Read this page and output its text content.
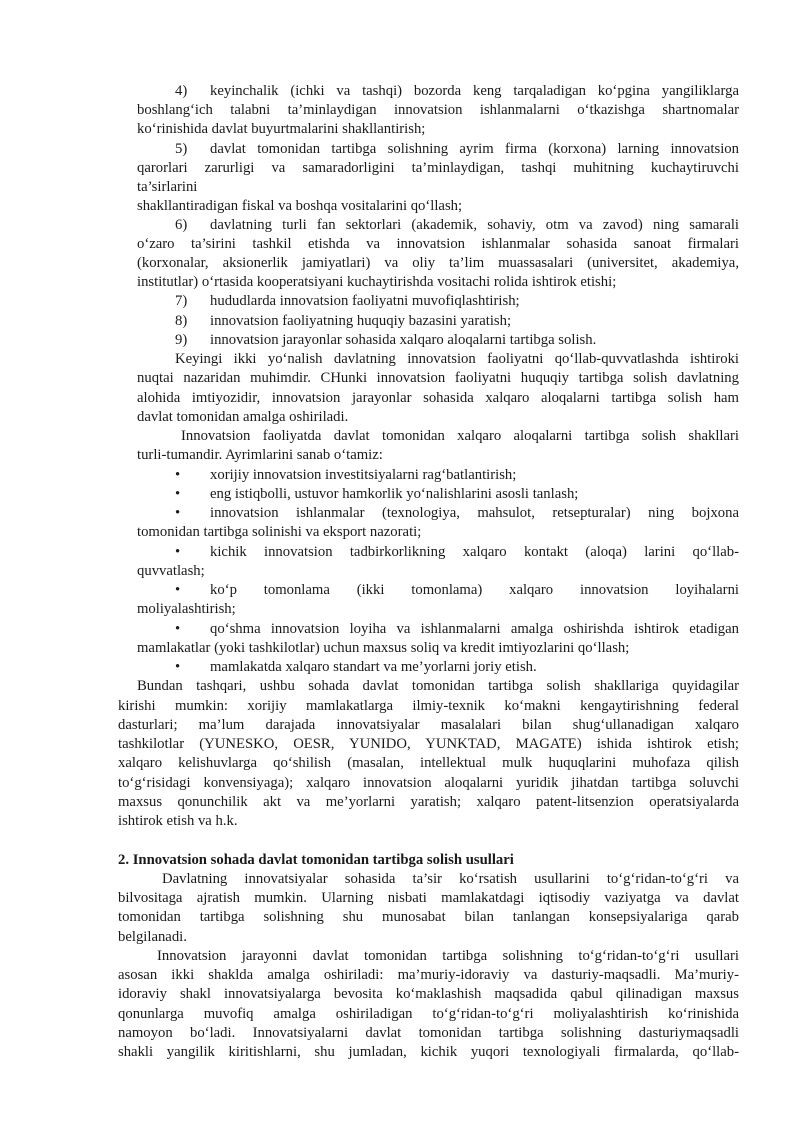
4) keyinchalik (ichki va tashqi) bozorda keng tarqaladigan ko‘pgina yangiliklarga
boshlang‘ich talabni ta’minlaydigan innovatsion ishlanmalarni o‘tkazishga shartnomalar
ko‘rinishida davlat buyurtmalarini shakllantirish;
5) davlat tomonidan tartibga solishning ayrim firma (korxona) larning innovatsion
qarorlari zarurligi va samaradorligini ta’minlaydigan, tashqi muhitning kuchaytiruvchi
ta’sirlarini
shakllantiradigan fiskal va boshqa vositalarini qo‘llash;
6) davlatning turli fan sektorlari (akademik, sohaviy, otm va zavod) ning samarali
o‘zaro ta’sirini tashkil etishda va innovatsion ishlanmalar sohasida sanoat firmalari
(korxonalar, aksionerlik jamiyatlari) va oliy ta’lim muassasalari (universitet, akademiya,
institutlar) o‘rtasida kooperatsiyani kuchaytirishda vositachi rolida ishtirok etishi;
7) hududlarda innovatsion faoliyatni muvofiqlashtirish;
8) innovatsion faoliyatning huquqiy bazasini yaratish;
9) innovatsion jarayonlar sohasida xalqaro aloqalarni tartibga solish.
Keyingi ikki yo‘nalish davlatning innovatsion faoliyatni qo‘llab-quvvatlashda ishtiroki
nuqtai nazaridan muhimdir. CHunki innovatsion faoliyatni huquqiy tartibga solish davlatning
alohida imtiyozidir, innovatsion jarayonlar sohasida xalqaro aloqalarni tartibga solish ham
davlat tomonidan amalga oshiriladi.
Innovatsion faoliyatda davlat tomonidan xalqaro aloqalarni tartibga solish shakllari
turli-tumandir. Ayrimlarini sanab o‘tamiz:
• xorijiy innovatsion investitsiyalarni rag‘batlantirish;
• eng istiqbolli, ustuvor hamkorlik yo‘nalishlarini asosli tanlash;
• innovatsion ishlanmalar (texnologiya, mahsulot, retsepturalar) ning bojxona
tomonidan tartibga solinishi va eksport nazorati;
• kichik innovatsion tadbirkorlikning xalqaro kontakt (aloqa) larini qo‘llab-
quvvatlash;
• ko‘p tomonlama (ikki tomonlama) xalqaro innovatsion loyihalarni
moliyalashtirish;
• qo‘shma innovatsion loyiha va ishlanmalarni amalga oshirishda ishtirok etadigan
mamlakatlar (yoki tashkilotlar) uchun maxsus soliq va kredit imtiyozlarini qo‘llash;
• mamlakatda xalqaro standart va me’yorlarni joriy etish.
Bundan tashqari, ushbu sohada davlat tomonidan tartibga solish shakllariga quyidagilar
kirishi mumkin: xorijiy mamlakatlarga ilmiy-texnik ko‘makni kengaytirishning federal
dasturlari; ma’lum darajada innovatsiyalar masalalari bilan shug‘ullanadigan xalqaro
tashkilotlar (YUNESKO, OESR, YUNIDO, YUNKTAD, MAGATE) ishida ishtirok etish;
xalqaro kelishuvlarga qo‘shilish (masalan, intellektual mulk huquqlarini muhofaza qilish
to‘g‘risidagi konvensiyaga); xalqaro innovatsion aloqalarni yuridik jihatdan tartibga soluvchi
maxsus qonunchilik akt va me’yorlarni yaratish; xalqaro patent-litsenzion operatsiyalarda
ishtirok etish va h.k.
2. Innovatsion sohada davlat tomonidan tartibga solish usullari
Davlatning innovatsiyalar sohasida ta’sir ko‘rsatish usullarini to‘g‘ridan-to‘g‘ri va
bilvositaga ajratish mumkin. Ularning nisbati mamlakatdagi iqtisodiy vaziyatga va davlat
tomonidan tartibga solishning shu munosabat bilan tanlangan konsepsiyalariga qarab
belgilanadi.
Innovatsion jarayonni davlat tomonidan tartibga solishning to‘g‘ridan-to‘g‘ri usullari
asosan ikki shaklda amalga oshiriladi: ma’muriy-idoraviy va dasturiy-maqsadli. Ma’muriy-
idoraviy shakl innovatsiyalarga bevosita ko‘maklashish maqsadida qabul qilinadigan maxsus
qonunlarga muvofiq amalga oshiriladigan to‘g‘ridan-to‘g‘ri moliyalashtirish ko‘rinishida
namoyon bo‘ladi. Innovatsiyalarni davlat tomonidan tartibga solishning dasturiymaqsadli
shakli yangilik kiritishlarni, shu jumladan, kichik yuqori texnologiyali firmalarda, qo‘llab-
